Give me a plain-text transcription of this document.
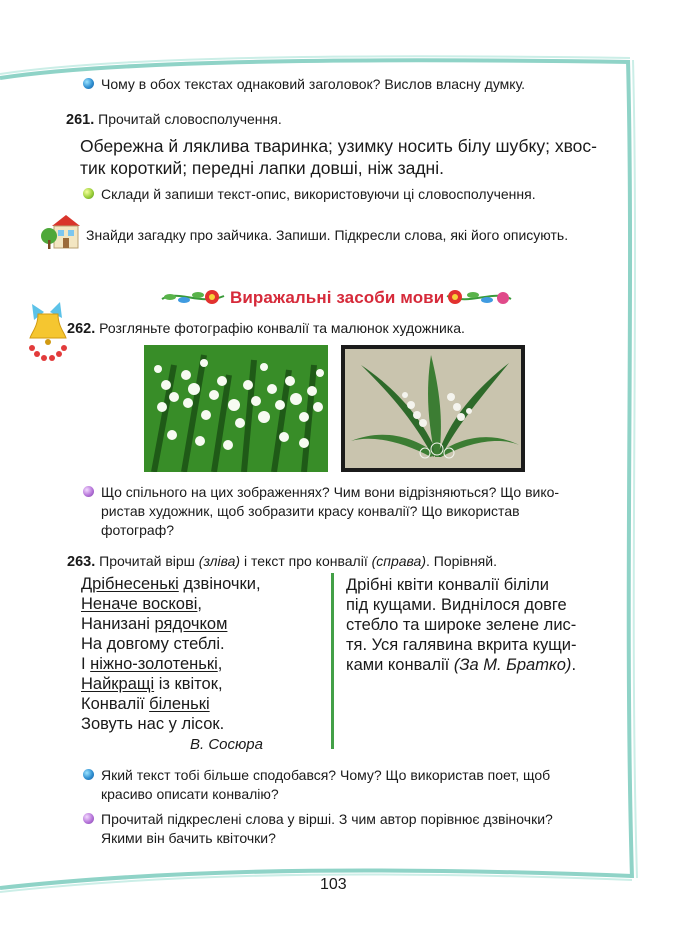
Чому в обох текстах однаковий заголовок? Вислов власну думку.
261. Прочитай словосполучення.
Обережна й ляклива тваринка; узимку носить білу шубку; хвос-
тик короткий; передні лапки довші, ніж задні.
Склади й запиши текст-опис, використовуючи ці словосполучення.
Знайди загадку про зайчика. Запиши. Підкресли слова, які його описують.
Виражальні засоби мови
262. Розгляньте фотографію конвалії та малюнок художника.
Що спільного на цих зображеннях? Чим вони відрізняються? Що вико-
ристав художник, щоб зобразити красу конвалії? Що використав
фотограф?
263. Прочитай вірш (зліва) і текст про конвалії (справа). Порівняй.
Дрібнесенькі дзвіночки,
Неначе воскові,
Нанизані рядочком
На довгому стеблі.
І ніжно-золотенькі,
Найкращі із квіток,
Конвалії біленькі
Зовуть нас у лісок.
В. Сосюра
Дрібні квіти конвалії біліли
під кущами. Виднілося довге
стебло та широке зелене лис-
тя. Уся галявина вкрита кущи-
ками конвалії (За М. Братко).
Який текст тобі більше сподобався? Чому? Що використав поет, щоб
красиво описати конвалію?
Прочитай підкреслені слова у вірші. З чим автор порівнює дзвіночки?
Якими він бачить квіточки?
103
